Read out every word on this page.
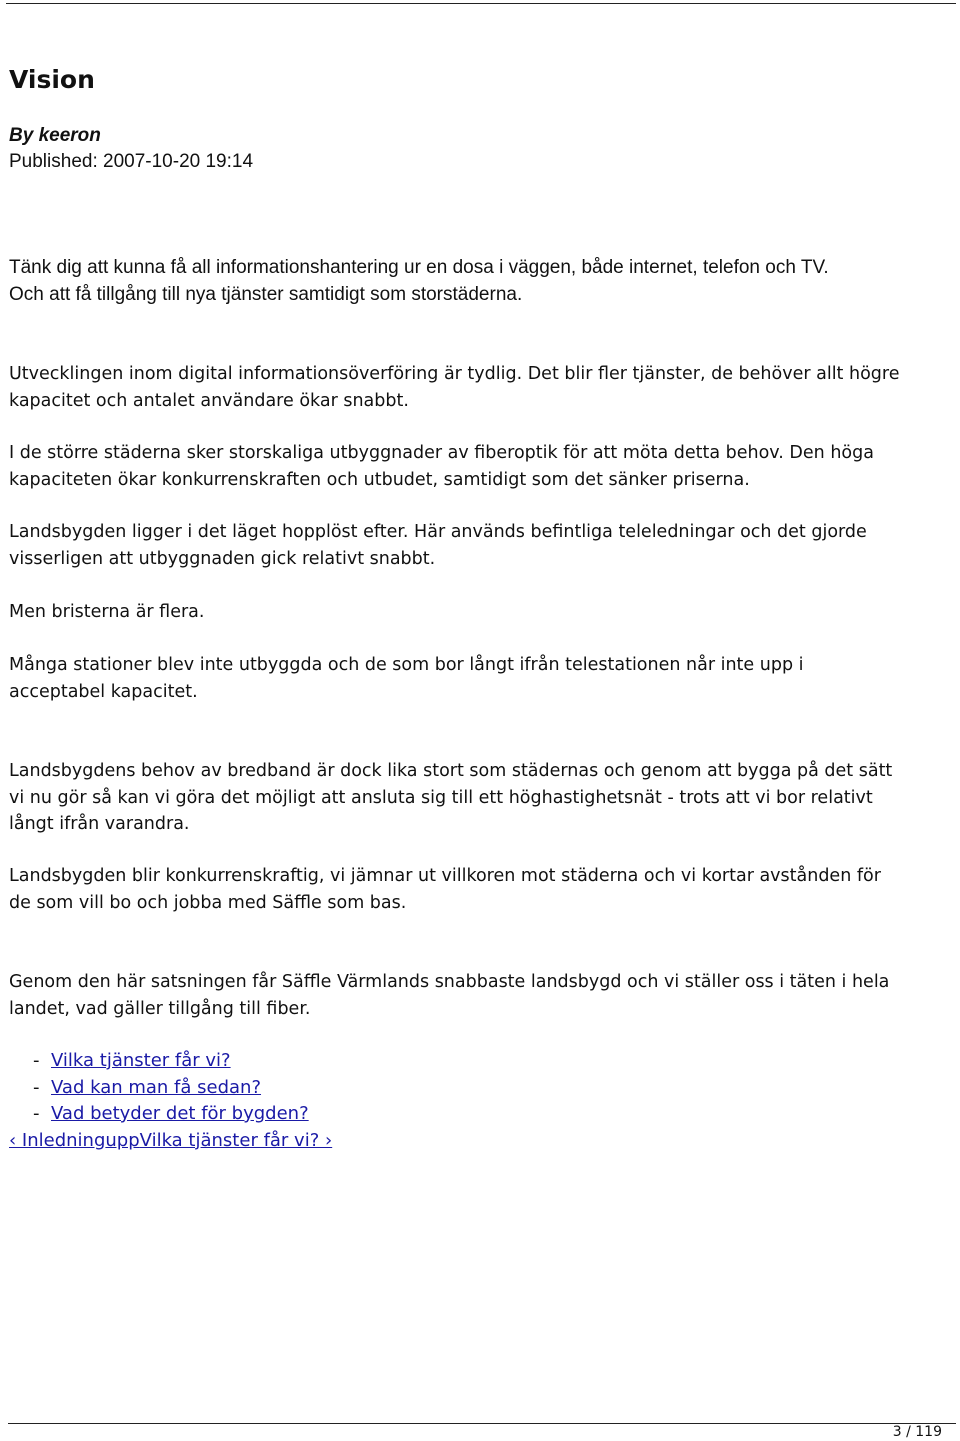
Vision
By keeron
Published: 2007-10-20 19:14

Tänk dig att kunna få all informationshantering ur en dosa i väggen, både internet, telefon och TV.
Och att få tillgång till nya tjänster samtidigt som storstäderna.

Utvecklingen inom digital informationsöverföring är tydlig. Det blir fler tjänster, de behöver allt högre
kapacitet och antalet användare ökar snabbt.

I de större städerna sker storskaliga utbyggnader av fiberoptik för att möta detta behov. Den höga
kapaciteten ökar konkurrenskraften och utbudet, samtidigt som det sänker priserna.

Landsbygden ligger i det läget hopplöst efter. Här används befintliga teleledningar och det gjorde
visserligen att utbyggnaden gick relativt snabbt.

Men bristerna är flera.

Många stationer blev inte utbyggda och de som bor långt ifrån telestationen når inte upp i
acceptabel kapacitet.

Landsbygdens behov av bredband är dock lika stort som städernas och genom att bygga på det sätt
vi nu gör så kan vi göra det möjligt att ansluta sig till ett höghastighetsnät - trots att vi bor relativt
långt ifrån varandra.

Landsbygden blir konkurrenskraftig, vi jämnar ut villkoren mot städerna och vi kortar avstånden för
de som vill bo och jobba med Säffle som bas.

Genom den här satsningen får Säffle Värmlands snabbaste landsbygd och vi ställer oss i täten i hela
landet, vad gäller tillgång till fiber.

- Vilka tjänster får vi?
- Vad kan man få sedan?
- Vad betyder det för bygden?
‹ InledninguppVilka tjänster får vi? ›
3 / 119
